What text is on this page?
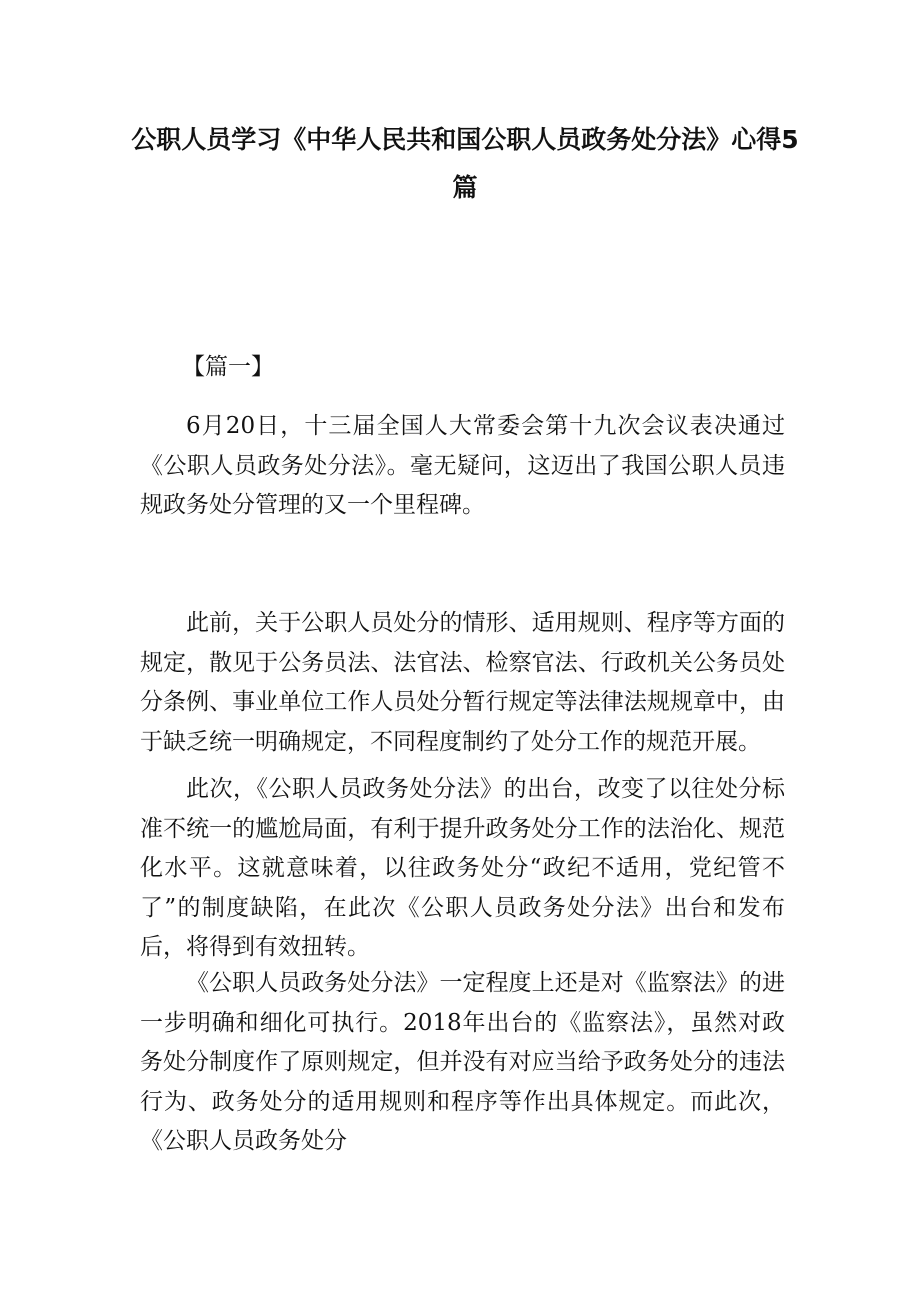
公职人员学习《中华人民共和国公职人员政务处分法》心得5篇

【篇一】

6月20日，十三届全国人大常委会第十九次会议表决通过《公职人员政务处分法》。毫无疑问，这迈出了我国公职人员违规政务处分管理的又一个里程碑。

此前，关于公职人员处分的情形、适用规则、程序等方面的规定，散见于公务员法、法官法、检察官法、行政机关公务员处分条例、事业单位工作人员处分暂行规定等法律法规规章中，由于缺乏统一明确规定，不同程度制约了处分工作的规范开展。

此次，《公职人员政务处分法》的出台，改变了以往处分标准不统一的尴尬局面，有利于提升政务处分工作的法治化、规范化水平。这就意味着，以往政务处分“政纪不适用，党纪管不了”的制度缺陷，在此次《公职人员政务处分法》出台和发布后，将得到有效扭转。

《公职人员政务处分法》一定程度上还是对《监察法》的进一步明确和细化可执行。2018年出台的《监察法》，虽然对政务处分制度作了原则规定，但并没有对应当给予政务处分的违法行为、政务处分的适用规则和程序等作出具体规定。而此次，《公职人员政务处分
